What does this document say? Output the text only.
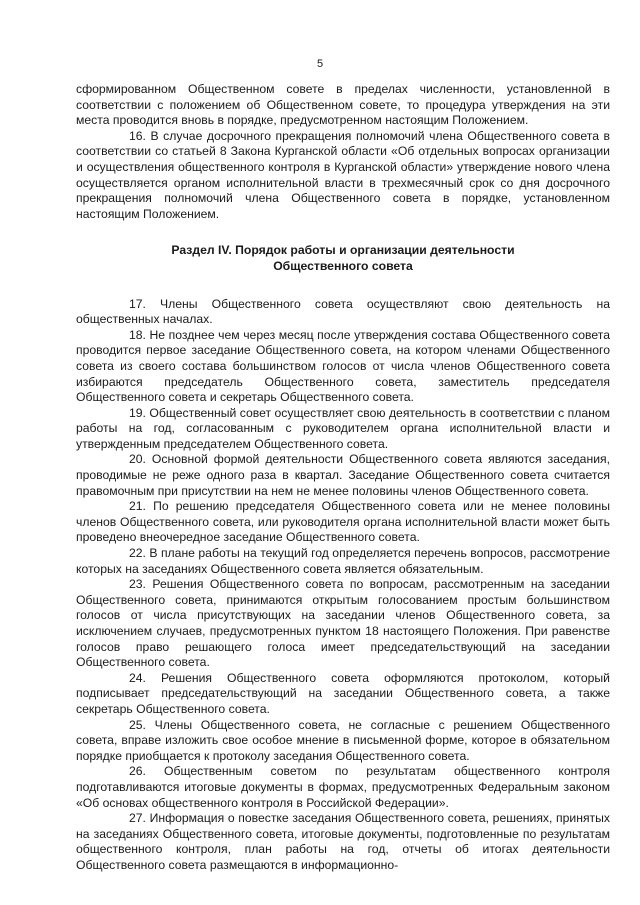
5

сформированном Общественном совете в пределах численности, установленной в соответствии с положением об Общественном совете, то процедура утверждения на эти места проводится вновь в порядке, предусмотренном настоящим Положением.

16. В случае досрочного прекращения полномочий члена Общественного совета в соответствии со статьей 8 Закона Курганской области «Об отдельных вопросах организации и осуществления общественного контроля в Курганской области» утверждение нового члена осуществляется органом исполнительной власти в трехмесячный срок со дня досрочного прекращения полномочий члена Общественного совета в порядке, установленном настоящим Положением.

Раздел IV. Порядок работы и организации деятельности
Общественного совета

17. Члены Общественного совета осуществляют свою деятельность на общественных началах.

18. Не позднее чем через месяц после утверждения состава Общественного совета проводится первое заседание Общественного совета, на котором членами Общественного совета из своего состава большинством голосов от числа членов Общественного совета избираются председатель Общественного совета, заместитель председателя Общественного совета и секретарь Общественного совета.

19. Общественный совет осуществляет свою деятельность в соответствии с планом работы на год, согласованным с руководителем органа исполнительной власти и утвержденным председателем Общественного совета.

20. Основной формой деятельности Общественного совета являются заседания, проводимые не реже одного раза в квартал. Заседание Общественного совета считается правомочным при присутствии на нем не менее половины членов Общественного совета.

21. По решению председателя Общественного совета или не менее половины членов Общественного совета, или руководителя органа исполнительной власти может быть проведено внеочередное заседание Общественного совета.

22. В плане работы на текущий год определяется перечень вопросов, рассмотрение которых на заседаниях Общественного совета является обязательным.

23. Решения Общественного совета по вопросам, рассмотренным на заседании Общественного совета, принимаются открытым голосованием простым большинством голосов от числа присутствующих на заседании членов Общественного совета, за исключением случаев, предусмотренных пунктом 18 настоящего Положения. При равенстве голосов право решающего голоса имеет председательствующий на заседании Общественного совета.

24. Решения Общественного совета оформляются протоколом, который подписывает председательствующий на заседании Общественного совета, а также секретарь Общественного совета.

25. Члены Общественного совета, не согласные с решением Общественного совета, вправе изложить свое особое мнение в письменной форме, которое в обязательном порядке приобщается к протоколу заседания Общественного совета.

26. Общественным советом по результатам общественного контроля подготавливаются итоговые документы в формах, предусмотренных Федеральным законом «Об основах общественного контроля в Российской Федерации».

27. Информация о повестке заседания Общественного совета, решениях, принятых на заседаниях Общественного совета, итоговые документы, подготовленные по результатам общественного контроля, план работы на год, отчеты об итогах деятельности Общественного совета размещаются в информационно-
